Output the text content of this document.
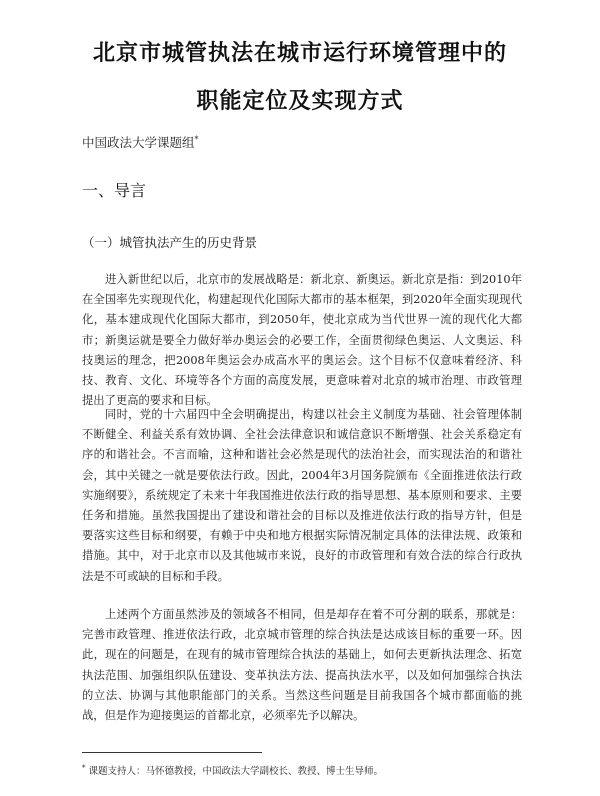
北京市城管执法在城市运行环境管理中的
职能定位及实现方式
中国政法大学课题组*
一、导言
（一）城管执法产生的历史背景

进入新世纪以后，北京市的发展战略是：新北京、新奥运。新北京是指：到2010年在全国率先实现现代化，构建起现代化国际大都市的基本框架，到2020年全面实现现代化，基本建成现代化国际大都市，到2050年，使北京成为当代世界一流的现代化大都市；新奥运就是要全力做好举办奥运会的必要工作，全面贯彻绿色奥运、人文奥运、科技奥运的理念，把2008年奥运会办成高水平的奥运会。这个目标不仅意味着经济、科技、教育、文化、环境等各个方面的高度发展，更意味着对北京的城市治理、市政管理提出了更高的要求和目标。

同时，党的十六届四中全会明确提出，构建以社会主义制度为基础、社会管理体制不断健全、利益关系有效协调、全社会法律意识和诚信意识不断增强、社会关系稳定有序的和谐社会。不言而喻，这种和谐社会必然是现代的法治社会，而实现法治的和谐社会，其中关键之一就是要依法行政。因此，2004年3月国务院颁布《全面推进依法行政实施纲要》，系统规定了未来十年我国推进依法行政的指导思想、基本原则和要求、主要任务和措施。虽然我国提出了建设和谐社会的目标以及推进依法行政的指导方针，但是要落实这些目标和纲要，有赖于中央和地方根据实际情况制定具体的法律法规、政策和措施。其中，对于北京市以及其他城市来说，良好的市政管理和有效合法的综合行政执法是不可或缺的目标和手段。

上述两个方面虽然涉及的领域各不相同，但是却存在着不可分割的联系，那就是：完善市政管理、推进依法行政，北京城市管理的综合执法是达成该目标的重要一环。因此，现在的问题是，在现有的城市管理综合执法的基础上，如何去更新执法理念、拓宽执法范围、加强组织队伍建设、变革执法方法、提高执法水平，以及如何加强综合执法的立法、协调与其他职能部门的关系。当然这些问题是目前我国各个城市都面临的挑战，但是作为迎接奥运的首都北京，必须率先予以解决。

* 课题支持人：马怀德教授，中国政法大学副校长、教授、博士生导师。
